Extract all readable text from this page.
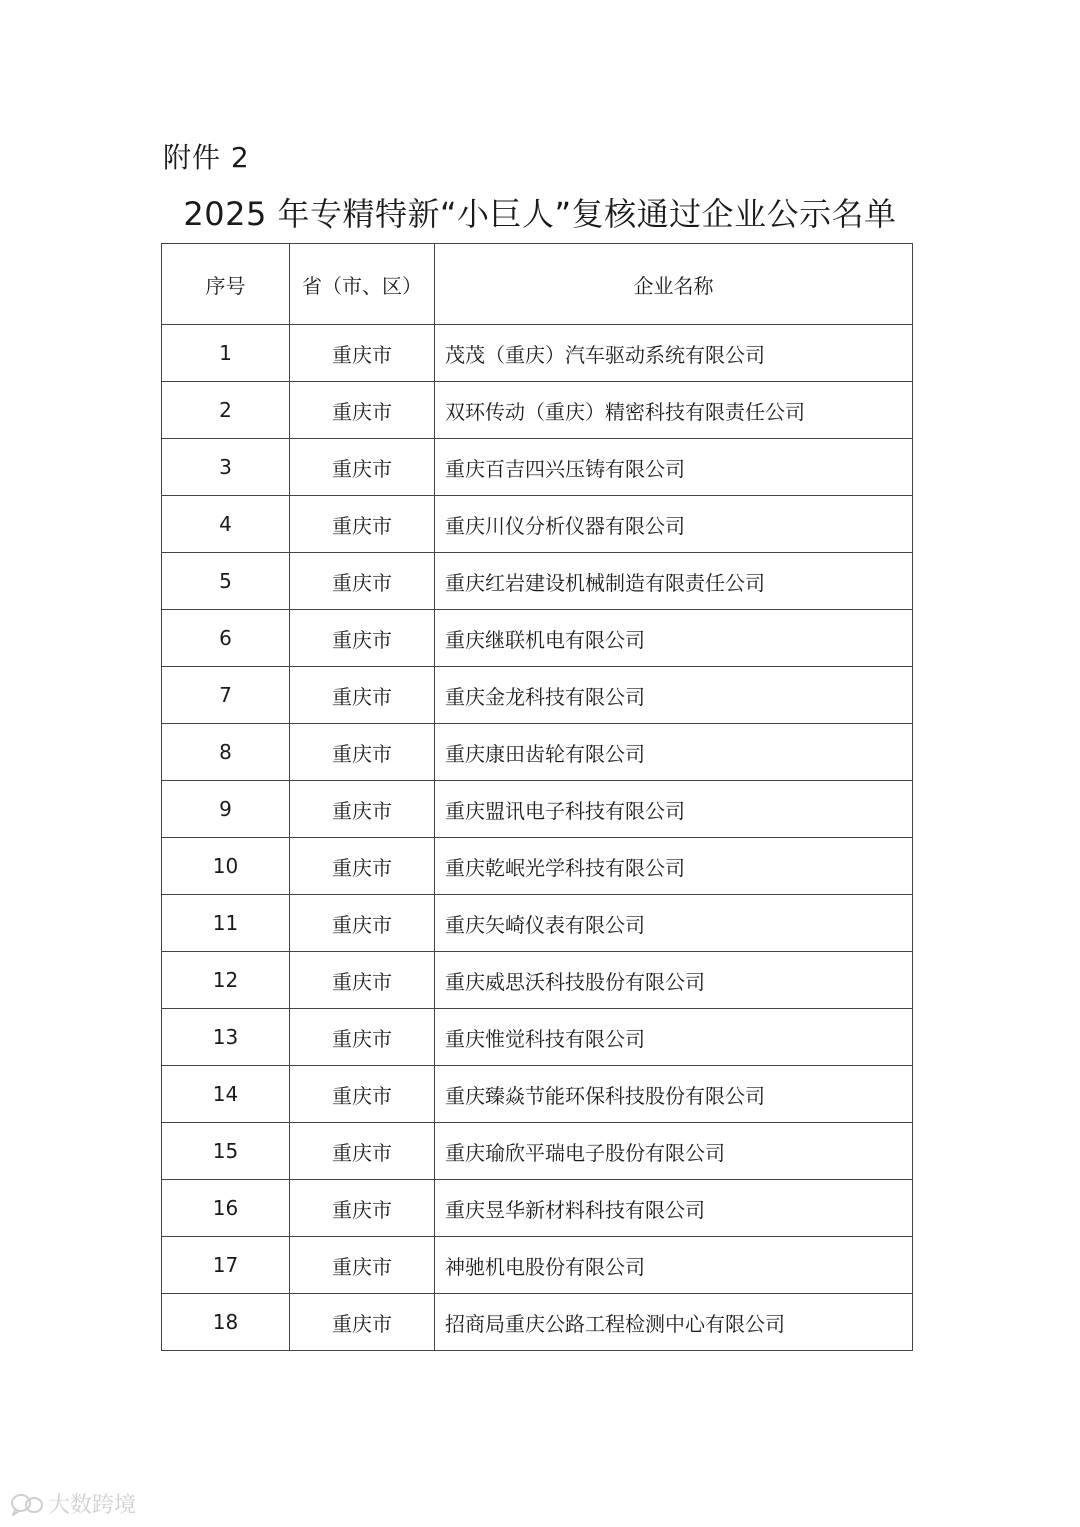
附件 2
2025 年专精特新“小巨人”复核通过企业公示名单
序号	省（市、区）	企业名称
1	重庆市	茂茂（重庆）汽车驱动系统有限公司
2	重庆市	双环传动（重庆）精密科技有限责任公司
3	重庆市	重庆百吉四兴压铸有限公司
4	重庆市	重庆川仪分析仪器有限公司
5	重庆市	重庆红岩建设机械制造有限责任公司
6	重庆市	重庆继联机电有限公司
7	重庆市	重庆金龙科技有限公司
8	重庆市	重庆康田齿轮有限公司
9	重庆市	重庆盟讯电子科技有限公司
10	重庆市	重庆乾岷光学科技有限公司
11	重庆市	重庆矢崎仪表有限公司
12	重庆市	重庆威思沃科技股份有限公司
13	重庆市	重庆惟觉科技有限公司
14	重庆市	重庆臻焱节能环保科技股份有限公司
15	重庆市	重庆瑜欣平瑞电子股份有限公司
16	重庆市	重庆昱华新材料科技有限公司
17	重庆市	神驰机电股份有限公司
18	重庆市	招商局重庆公路工程检测中心有限公司
大数跨境
